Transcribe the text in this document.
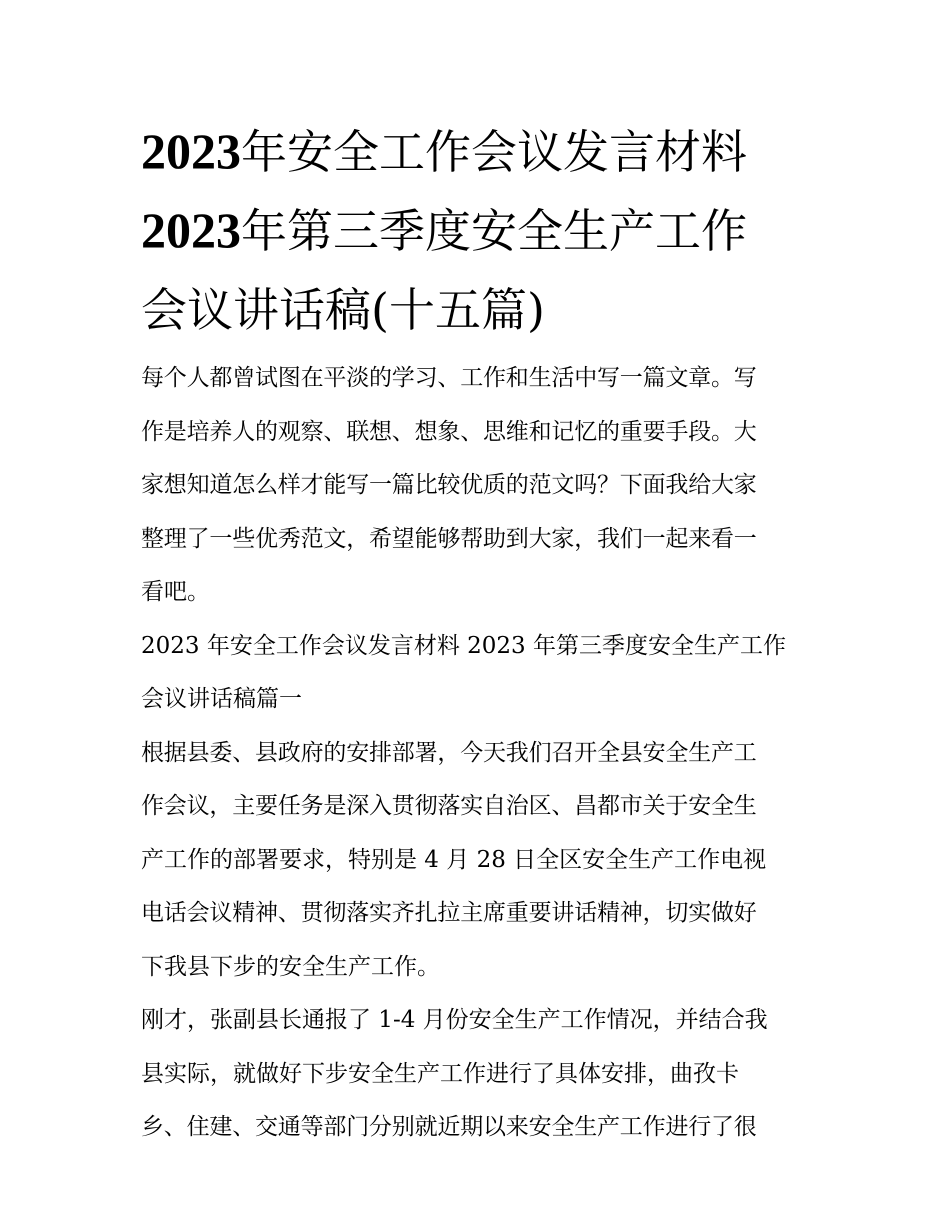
2023年安全工作会议发言材料
2023年第三季度安全生产工作
会议讲话稿(十五篇)
每个人都曾试图在平淡的学习、工作和生活中写一篇文章。写
作是培养人的观察、联想、想象、思维和记忆的重要手段。大
家想知道怎么样才能写一篇比较优质的范文吗？下面我给大家
整理了一些优秀范文，希望能够帮助到大家，我们一起来看一
看吧。
2023 年安全工作会议发言材料 2023 年第三季度安全生产工作
会议讲话稿篇一
根据县委、县政府的安排部署，今天我们召开全县安全生产工
作会议，主要任务是深入贯彻落实自治区、昌都市关于安全生
产工作的部署要求，特别是 4 月 28 日全区安全生产工作电视
电话会议精神、贯彻落实齐扎拉主席重要讲话精神，切实做好
下我县下步的安全生产工作。
刚才，张副县长通报了 1-4 月份安全生产工作情况，并结合我
县实际，就做好下步安全生产工作进行了具体安排，曲孜卡
乡、住建、交通等部门分别就近期以来安全生产工作进行了很
